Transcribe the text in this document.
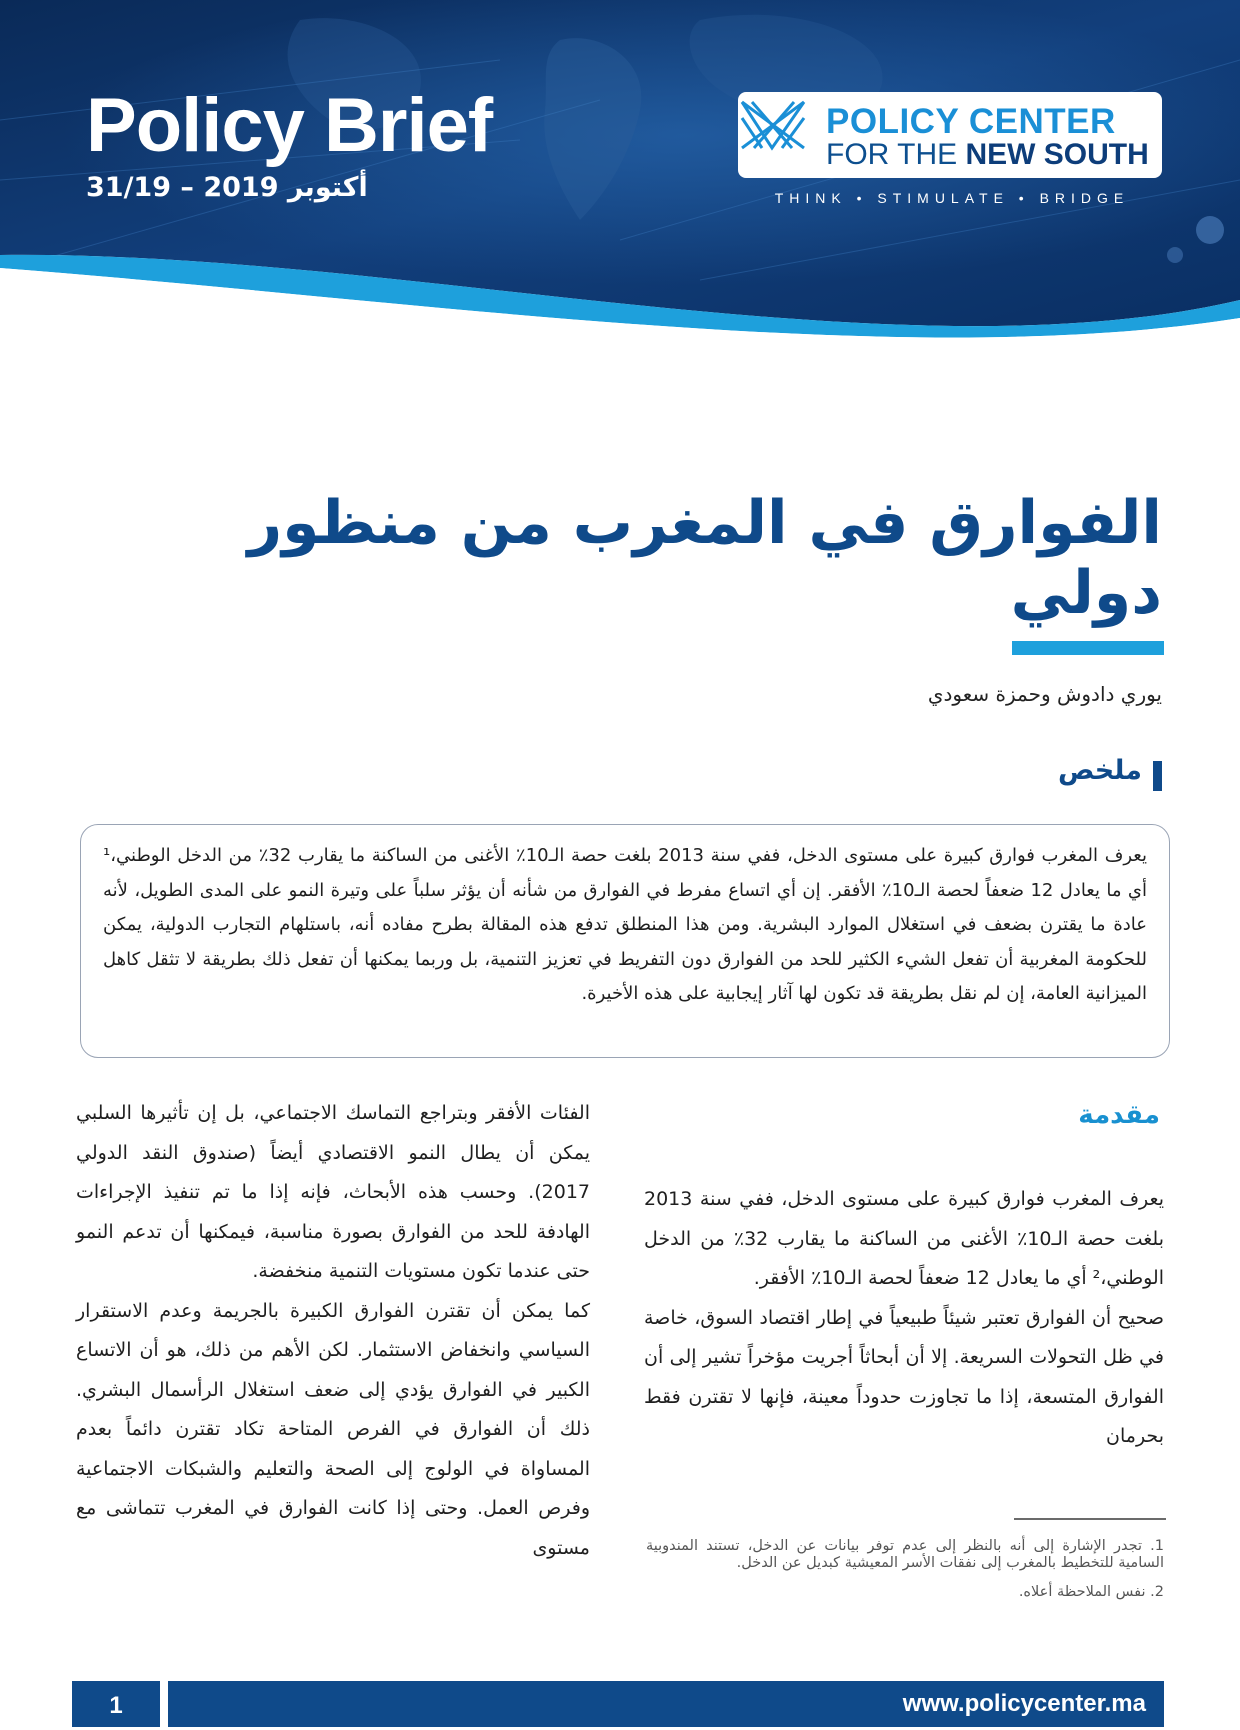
Policy Brief
أكتوبر 2019 – 31/19
POLICY CENTER
FOR THE NEW SOUTH
THINK • STIMULATE • BRIDGE
الفوارق في المغرب من منظور دولي
يوري دادوش وحمزة سعودي
ملخص

يعرف المغرب فوارق كبيرة على مستوى الدخل، ففي سنة 2013 بلغت حصة الـ10٪ الأغنى من الساكنة ما يقارب 32٪ من الدخل الوطني،¹ أي ما يعادل 12 ضعفاً لحصة الـ10٪ الأفقر. إن أي اتساع مفرط في الفوارق من شأنه أن يؤثر سلباً على وتيرة النمو على المدى الطويل، لأنه عادة ما يقترن بضعف في استغلال الموارد البشرية. ومن هذا المنطلق تدفع هذه المقالة بطرح مفاده أنه، باستلهام التجارب الدولية، يمكن للحكومة المغربية أن تفعل الشيء الكثير للحد من الفوارق دون التفريط في تعزيز التنمية، بل وربما يمكنها أن تفعل ذلك بطريقة لا تثقل كاهل الميزانية العامة، إن لم نقل بطريقة قد تكون لها آثار إيجابية على هذه الأخيرة.

مقدمة

يعرف المغرب فوارق كبيرة على مستوى الدخل، ففي سنة 2013 بلغت حصة الـ10٪ الأغنى من الساكنة ما يقارب 32٪ من الدخل الوطني،² أي ما يعادل 12 ضعفاً لحصة الـ10٪ الأفقر.

صحيح أن الفوارق تعتبر شيئاً طبيعياً في إطار اقتصاد السوق، خاصة في ظل التحولات السريعة. إلا أن أبحاثاً أجريت مؤخراً تشير إلى أن الفوارق المتسعة، إذا ما تجاوزت حدوداً معينة، فإنها لا تقترن فقط بحرمان

الفئات الأفقر وبتراجع التماسك الاجتماعي، بل إن تأثيرها السلبي يمكن أن يطال النمو الاقتصادي أيضاً (صندوق النقد الدولي 2017). وحسب هذه الأبحاث، فإنه إذا ما تم تنفيذ الإجراءات الهادفة للحد من الفوارق بصورة مناسبة، فيمكنها أن تدعم النمو حتى عندما تكون مستويات التنمية منخفضة.

كما يمكن أن تقترن الفوارق الكبيرة بالجريمة وعدم الاستقرار السياسي وانخفاض الاستثمار. لكن الأهم من ذلك، هو أن الاتساع الكبير في الفوارق يؤدي إلى ضعف استغلال الرأسمال البشري. ذلك أن الفوارق في الفرص المتاحة تكاد تقترن دائماً بعدم المساواة في الولوج إلى الصحة والتعليم والشبكات الاجتماعية وفرص العمل. وحتى إذا كانت الفوارق في المغرب تتماشى مع مستوى	1. تجدر الإشارة إلى أنه بالنظر إلى عدم توفر بيانات عن الدخل، تستند المندوبية السامية للتخطيط بالمغرب إلى نفقات الأسر المعيشية كبديل عن الدخل.

2. نفس الملاحظة أعلاه.

1	www.policycenter.ma
